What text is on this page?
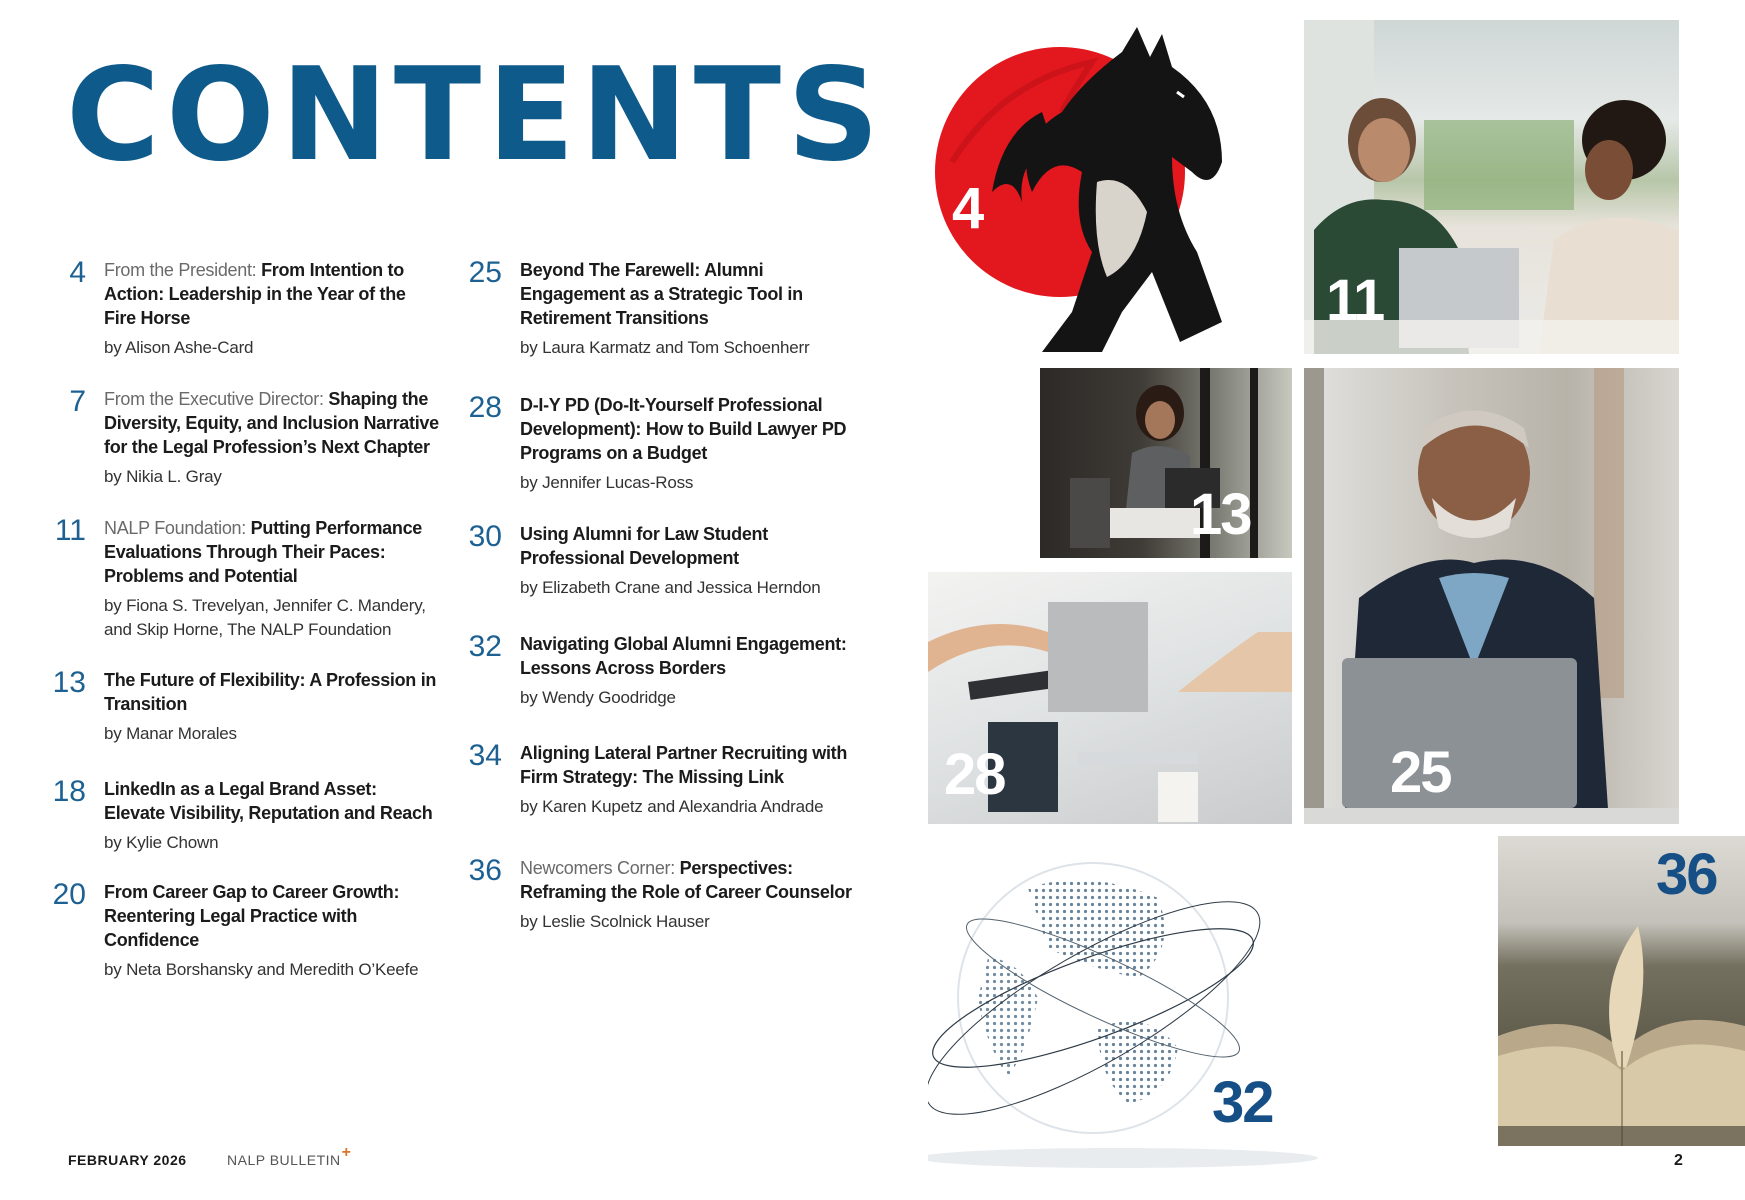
CONTENTS
4 From the President: From Intention to Action: Leadership in the Year of the Fire Horse
by Alison Ashe-Card
7 From the Executive Director: Shaping the Diversity, Equity, and Inclusion Narrative for the Legal Profession’s Next Chapter
by Nikia L. Gray
11 NALP Foundation: Putting Performance Evaluations Through Their Paces: Problems and Potential
by Fiona S. Trevelyan, Jennifer C. Mandery, and Skip Horne, The NALP Foundation
13 The Future of Flexibility: A Profession in Transition
by Manar Morales
18 LinkedIn as a Legal Brand Asset: Elevate Visibility, Reputation and Reach
by Kylie Chown
20 From Career Gap to Career Growth: Reentering Legal Practice with Confidence
by Neta Borshansky and Meredith O’Keefe
25 Beyond The Farewell: Alumni Engagement as a Strategic Tool in Retirement Transitions
by Laura Karmatz and Tom Schoenherr
28 D-I-Y PD (Do-It-Yourself Professional Development): How to Build Lawyer PD Programs on a Budget
by Jennifer Lucas-Ross
30 Using Alumni for Law Student Professional Development
by Elizabeth Crane and Jessica Herndon
32 Navigating Global Alumni Engagement: Lessons Across Borders
by Wendy Goodridge
34 Aligning Lateral Partner Recruiting with Firm Strategy: The Missing Link
by Karen Kupetz and Alexandria Andrade
36 Newcomers Corner: Perspectives: Reframing the Role of Career Counselor
by Leslie Scolnick Hauser
4
11
13
25
28
32
36
FEBRUARY 2026	NALP BULLETIN+	2
